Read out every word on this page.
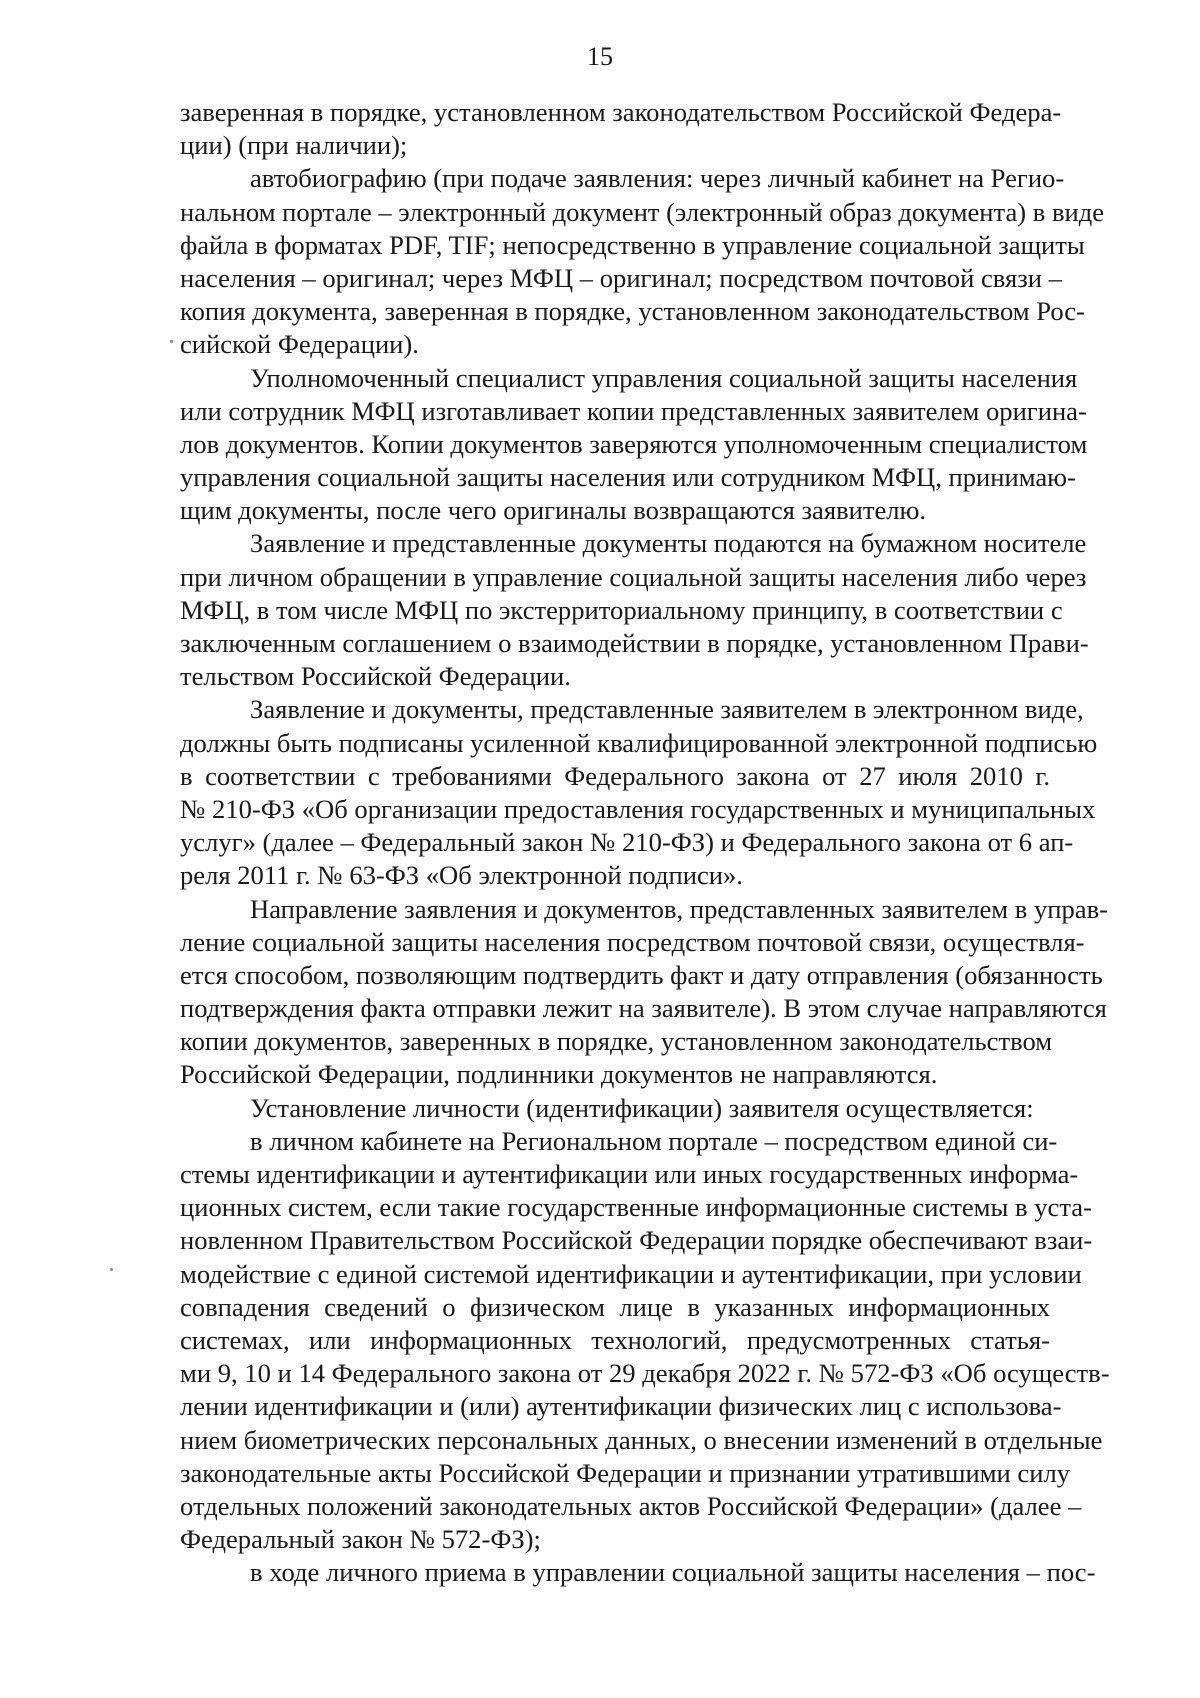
15
заверенная в порядке, установленном законодательством Российской Федера-
ции) (при наличии);
автобиографию (при подаче заявления: через личный кабинет на Регио-
нальном портале – электронный документ (электронный образ документа) в виде
файла в форматах PDF, TIF; непосредственно в управление социальной защиты
населения – оригинал; через МФЦ – оригинал; посредством почтовой связи –
копия документа, заверенная в порядке, установленном законодательством Рос-
сийской Федерации).
Уполномоченный специалист управления социальной защиты населения
или сотрудник МФЦ изготавливает копии представленных заявителем оригина-
лов документов. Копии документов заверяются уполномоченным специалистом
управления социальной защиты населения или сотрудником МФЦ, принимаю-
щим документы, после чего оригиналы возвращаются заявителю.
Заявление и представленные документы подаются на бумажном носителе
при личном обращении в управление социальной защиты населения либо через
МФЦ, в том числе МФЦ по экстерриториальному принципу, в соответствии с
заключенным соглашением о взаимодействии в порядке, установленном Прави-
тельством Российской Федерации.
Заявление и документы, представленные заявителем в электронном виде,
должны быть подписаны усиленной квалифицированной электронной подписью
в соответствии с требованиями Федерального закона от 27 июля 2010 г.
№ 210-ФЗ «Об организации предоставления государственных и муниципальных
услуг» (далее – Федеральный закон № 210-ФЗ) и Федерального закона от 6 ап-
реля 2011 г. № 63-ФЗ «Об электронной подписи».
Направление заявления и документов, представленных заявителем в управ-
ление социальной защиты населения посредством почтовой связи, осуществля-
ется способом, позволяющим подтвердить факт и дату отправления (обязанность
подтверждения факта отправки лежит на заявителе). В этом случае направляются
копии документов, заверенных в порядке, установленном законодательством
Российской Федерации, подлинники документов не направляются.
Установление личности (идентификации) заявителя осуществляется:
в личном кабинете на Региональном портале – посредством единой си-
стемы идентификации и аутентификации или иных государственных информа-
ционных систем, если такие государственные информационные системы в уста-
новленном Правительством Российской Федерации порядке обеспечивают взаи-
модействие с единой системой идентификации и аутентификации, при условии
совпадения сведений о физическом лице в указанных информационных
системах, или информационных технологий, предусмотренных статья-
ми 9, 10 и 14 Федерального закона от 29 декабря 2022 г. № 572-ФЗ «Об осуществ-
лении идентификации и (или) аутентификации физических лиц с использова-
нием биометрических персональных данных, о внесении изменений в отдельные
законодательные акты Российской Федерации и признании утратившими силу
отдельных положений законодательных актов Российской Федерации» (далее –
Федеральный закон № 572-ФЗ);
в ходе личного приема в управлении социальной защиты населения – пос-
